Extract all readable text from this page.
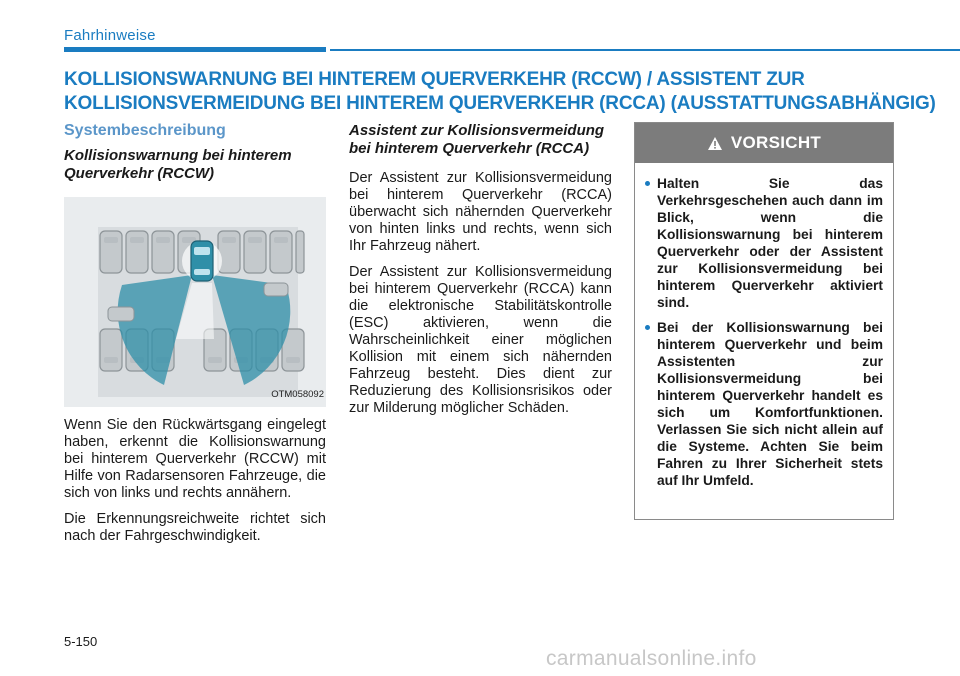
Fahrhinweise
KOLLISIONSWARNUNG BEI HINTEREM QUERVERKEHR (RCCW) / ASSISTENT ZUR
KOLLISIONSVERMEIDUNG BEI HINTEREM QUERVERKEHR (RCCA) (AUSSTATTUNGSABHÄNGIG)
Systembeschreibung
Kollisionswarnung bei hinterem Querverkehr (RCCW)
OTM058092

Wenn Sie den Rückwärtsgang eingelegt haben, erkennt die Kollisionswarnung bei hinterem Querverkehr (RCCW) mit Hilfe von Radarsensoren Fahrzeuge, die sich von links und rechts annähern.

Die Erkennungsreichweite richtet sich nach der Fahrgeschwindigkeit.

Assistent zur Kollisionsvermeidung bei hinterem Querverkehr (RCCA)

Der Assistent zur Kollisionsvermeidung bei hinterem Querverkehr (RCCA) überwacht sich nähernden Querverkehr von hinten links und rechts, wenn sich Ihr Fahrzeug nähert.

Der Assistent zur Kollisionsvermeidung bei hinterem Querverkehr (RCCA) kann die elektronische Stabilitätskontrolle (ESC) aktivieren, wenn die Wahrscheinlichkeit einer möglichen Kollision mit einem sich nähernden Fahrzeug besteht. Dies dient zur Reduzierung des Kollisionsrisikos oder zur Milderung möglicher Schäden.

VORSICHT
Halten Sie das Verkehrsgeschehen auch dann im Blick, wenn die Kollisionswarnung bei hinterem Querverkehr oder der Assistent zur Kollisionsvermeidung bei hinterem Querverkehr aktiviert sind.
Bei der Kollisionswarnung bei hinterem Querverkehr und beim Assistenten zur Kollisionsvermeidung bei hinterem Querverkehr handelt es sich um Komfortfunktionen. Verlassen Sie sich nicht allein auf die Systeme. Achten Sie beim Fahren zu Ihrer Sicherheit stets auf Ihr Umfeld.
5-150
carmanualsonline.info
